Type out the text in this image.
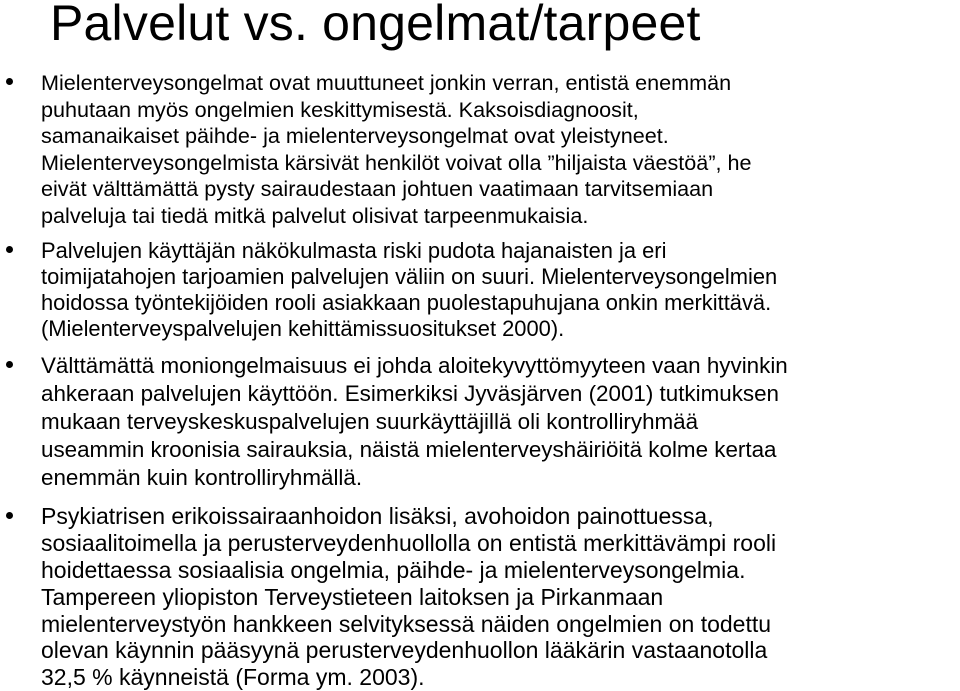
Palvelut vs. ongelmat/tarpeet
Mielenterveysongelmat ovat muuttuneet jonkin verran, entistä enemmän
puhutaan myös ongelmien keskittymisestä. Kaksoisdiagnoosit,
samanaikaiset päihde- ja mielenterveysongelmat ovat yleistyneet.
Mielenterveysongelmista kärsivät henkilöt voivat olla ”hiljaista väestöä”, he
eivät välttämättä pysty sairaudestaan johtuen vaatimaan tarvitsemiaan
palveluja tai tiedä mitkä palvelut olisivat tarpeenmukaisia.
Palvelujen käyttäjän näkökulmasta riski pudota hajanaisten ja eri
toimijatahojen tarjoamien palvelujen väliin on suuri. Mielenterveysongelmien
hoidossa työntekijöiden rooli asiakkaan puolestapuhujana onkin merkittävä.
(Mielenterveyspalvelujen kehittämissuositukset 2000).
Välttämättä moniongelmaisuus ei johda aloitekyvyttömyyteen vaan hyvinkin
ahkeraan palvelujen käyttöön. Esimerkiksi Jyväsjärven (2001) tutkimuksen
mukaan terveyskeskuspalvelujen suurkäyttäjillä oli kontrolliryhmää
useammin kroonisia sairauksia, näistä mielenterveyshäiriöitä kolme kertaa
enemmän kuin kontrolliryhmällä.
Psykiatrisen erikoissairaanhoidon lisäksi, avohoidon painottuessa,
sosiaalitoimella ja perusterveydenhuollolla on entistä merkittävämpi rooli
hoidettaessa sosiaalisia ongelmia, päihde- ja mielenterveysongelmia.
Tampereen yliopiston Terveystieteen laitoksen ja Pirkanmaan
mielenterveystyön hankkeen selvityksessä näiden ongelmien on todettu
olevan käynnin pääsyynä perusterveydenhuollon lääkärin vastaanotolla
32,5 % käynneistä (Forma ym. 2003).
